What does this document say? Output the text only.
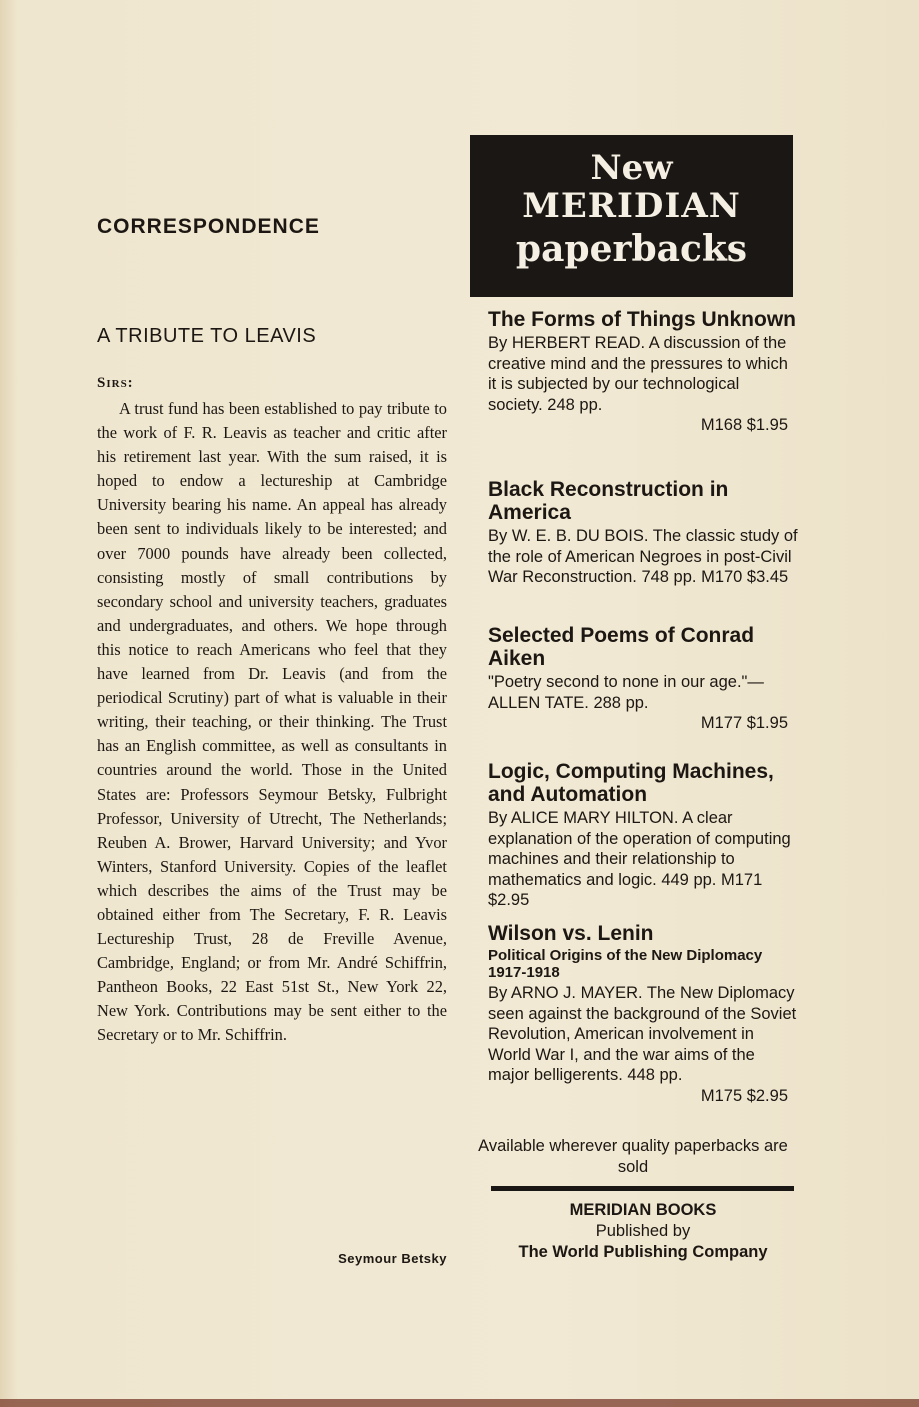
CORRESPONDENCE
A TRIBUTE TO LEAVIS
Sirs:

A trust fund has been established to pay tribute to the work of F. R. Leavis as teacher and critic after his retirement last year. With the sum raised, it is hoped to endow a lectureship at Cambridge University bearing his name. An appeal has already been sent to individuals likely to be interested; and over 7000 pounds have already been collected, consisting mostly of small contributions by secondary school and university teachers, graduates and undergraduates, and others. We hope through this notice to reach Americans who feel that they have learned from Dr. Leavis (and from the periodical Scrutiny) part of what is valuable in their writing, their teaching, or their thinking. The Trust has an English committee, as well as consultants in countries around the world. Those in the United States are: Professors Seymour Betsky, Fulbright Professor, University of Utrecht, The Netherlands; Reuben A. Brower, Harvard University; and Yvor Winters, Stanford University. Copies of the leaflet which describes the aims of the Trust may be obtained either from The Secretary, F. R. Leavis Lectureship Trust, 28 de Freville Avenue, Cambridge, England; or from Mr. André Schiffrin, Pantheon Books, 22 East 51st St., New York 22, New York. Contributions may be sent either to the Secretary or to Mr. Schiffrin.

Seymour Betsky
New
MERIDIAN
paperbacks
The Forms of Things Unknown

By HERBERT READ. A discussion of the creative mind and the pressures to which it is subjected by our technological society. 248 pp.

M168 $1.95
Black Reconstruction in America

By W. E. B. DU BOIS. The classic study of the role of American Negroes in post-Civil War Reconstruction. 748 pp. M170 $3.45

Selected Poems of Conrad Aiken

"Poetry second to none in our age."—ALLEN TATE. 288 pp.

M177 $1.95
Logic, Computing Machines, and Automation

By ALICE MARY HILTON. A clear explanation of the operation of computing machines and their relationship to mathematics and logic. 449 pp. M171 $2.95

Wilson vs. Lenin

Political Origins of the New Diplomacy 1917-1918

By ARNO J. MAYER. The New Diplomacy seen against the background of the Soviet Revolution, American involvement in World War I, and the war aims of the major belligerents. 448 pp.

M175 $2.95
Available wherever quality paperbacks are sold
MERIDIAN BOOKS
Published by
The World Publishing Company
